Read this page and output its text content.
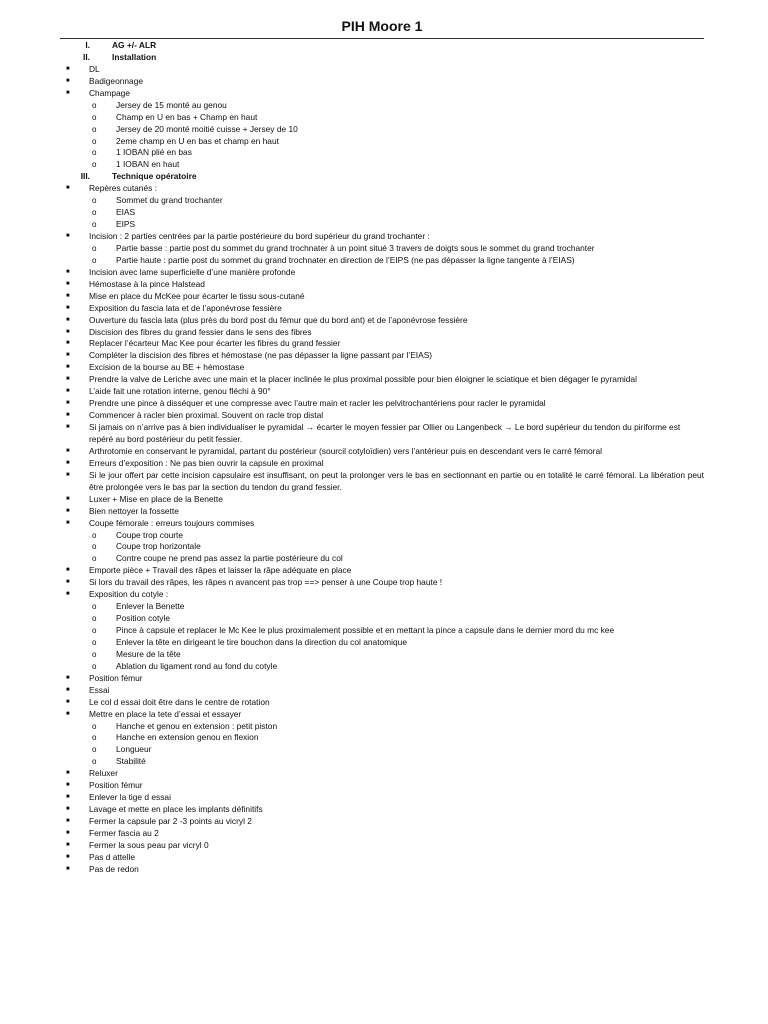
PIH Moore 1
I.	AG +/- ALR
II.	Installation
■ DL
■ Badigeonnage
■ Champage
o Jersey de 15 monté au genou
o Champ en U en bas + Champ en haut
o Jersey de 20 monté moitié cuisse + Jersey de 10
o 2eme champ en U en bas et champ en haut
o 1 IOBAN plié en bas
o 1 IOBAN en haut
III.	Technique opératoire
■ Repères cutanés :
o Sommet du grand trochanter
o EIAS
o EIPS
■ Incision : 2 parties centrées par la partie postérieure du bord supérieur du grand trochanter :
o Partie basse : partie post du sommet du grand trochnater à un point situé 3 travers de doigts sous le sommet du grand trochanter
o Partie haute : partie post du sommet du grand trochnater en direction de l’EIPS (ne pas dépasser la ligne tangente à l’EIAS)
■ Incision avec lame superficielle d’une manière profonde
■ Hémostase à la pince Halstead
■ Mise en place du McKee pour écarter le tissu sous-cutané
■ Exposition du fascia lata et de l’aponévrose fessière
■ Ouverture du fascia lata (plus près du bord post du fémur que du bord ant) et de l’aponévrose fessière
■ Discision des fibres du grand fessier dans le sens des fibres
■ Replacer l’écarteur Mac Kee pour écarter les fibres du grand fessier
■ Compléter la discision des fibres et hémostase (ne pas dépasser la ligne passant par l’EIAS)
■ Excision de la bourse au BE + hémostase
■ Prendre la valve de Leriche avec une main et la placer inclinée le plus proximal possible pour bien éloigner le sciatique et bien dégager le pyramidal
■ L’aide fait une rotation interne, genou fléchi à 90°
■ Prendre une pince à disséquer et une compresse avec l’autre main et racler les pelvitrochantériens pour racler le pyramidal
■ Commencer à racler bien proximal. Souvent on racle trop distal
■ Si jamais on n’arrive pas à bien individualiser le pyramidal → écarter le moyen fessier par Ollier ou Langenbeck → Le bord supérieur du tendon du piriforme est repéré au bord postérieur du petit fessier.
■ Arthrotomie en conservant le pyramidal, partant du postérieur (sourcil cotyloïdien) vers l’antérieur puis en descendant vers le carré fémoral
■ Erreurs d’exposition : Ne pas bien ouvrir la capsule en proximal
■ Si le jour offert par cette incision capsulaire est insuffisant, on peut la prolonger vers le bas en sectionnant en partie ou en totalité le carré fémoral. La libération peut être prolongée vers le bas par la section du tendon du grand fessier.
■ Luxer + Mise en place de la Benette
■ Bien nettoyer la fossette
■ Coupe fémorale : erreurs toujours commises
o Coupe trop courte
o Coupe trop horizontale
o Contre coupe ne prend pas assez la partie postérieure du col
■ Emporte pièce + Travail des râpes et laisser la râpe adéquate en place
■ Si lors du travail des râpes, les râpes n avancent pas trop ==> penser à une Coupe trop haute !
■ Exposition du cotyle :
o Enlever la Benette
o Position cotyle
o Pince à capsule et replacer le Mc Kee le plus proximalement possible et en mettant la pince a capsule dans le dernier mord du mc kee
o Enlever la tête en dirigeant le tire bouchon dans la direction du col anatomique
o Mesure de la tête
o Ablation du ligament rond au fond du cotyle
■ Position fémur
■ Essai
■ Le col d essai doit être dans le centre de rotation
■ Mettre en place la tete d’essai et essayer
o Hanche et genou en extension : petit piston
o Hanche en extension genou en flexion
o Longueur
o Stabilité
■ Reluxer
■ Position fémur
■ Enlever la tige d essai
■ Lavage et mette en place les implants définitifs
■ Fermer la capsule par 2 -3 points au vicryl 2
■ Fermer fascia au 2
■ Fermer la sous peau par vicryl 0
■ Pas d attelle
■ Pas de redon
